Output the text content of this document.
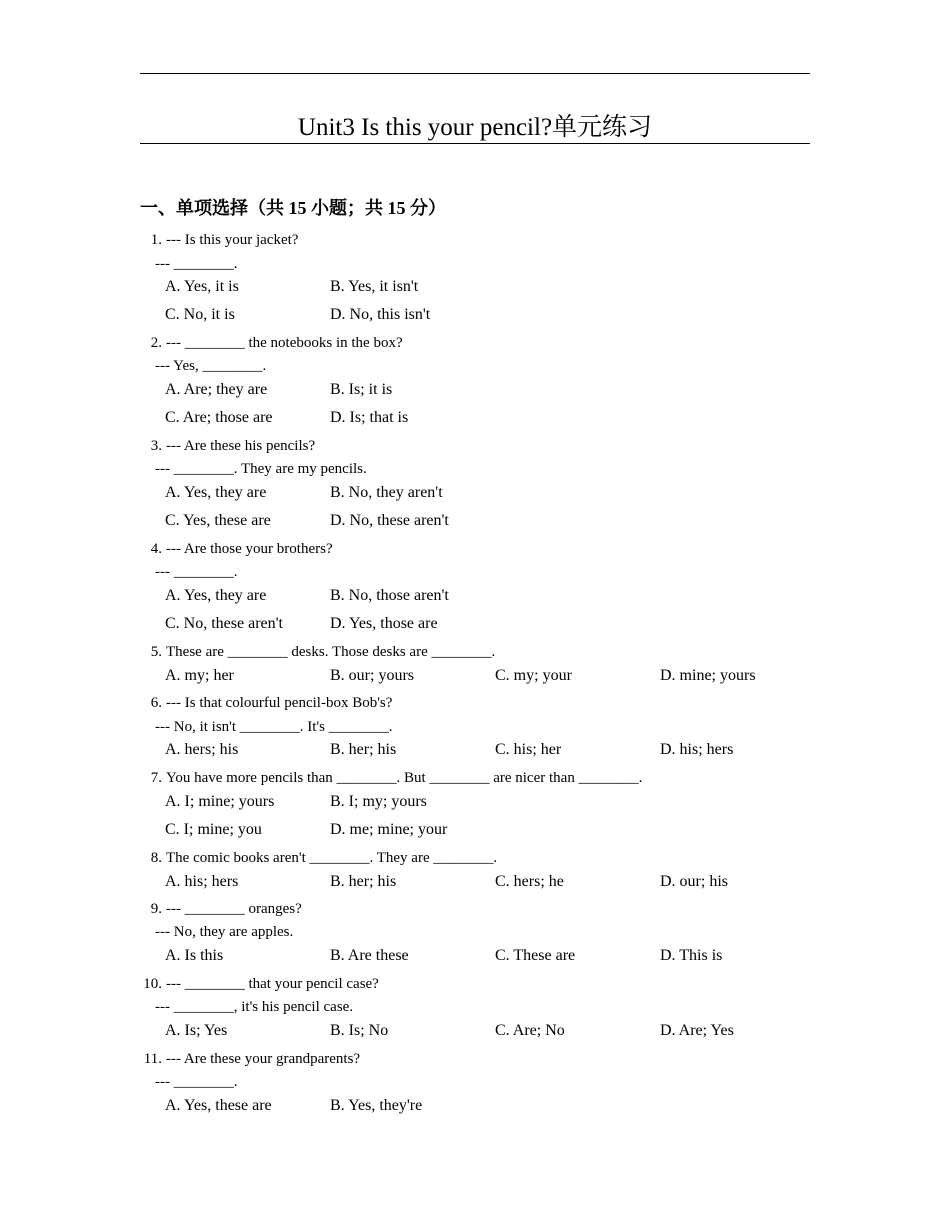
Unit3 Is this your pencil?单元练习
一、单项选择（共 15 小题；共 15 分）
1. --- Is this your jacket?
--- ________.
A. Yes, it is	B. Yes, it isn't
C. No, it is	D. No, this isn't
2. --- ________ the notebooks in the box?
--- Yes, ________.
A. Are; they are	B. Is; it is
C. Are; those are	D. Is; that is
3. --- Are these his pencils?
--- ________. They are my pencils.
A. Yes, they are	B. No, they aren't
C. Yes, these are	D. No, these aren't
4. --- Are those your brothers?
--- ________.
A. Yes, they are	B. No, those aren't
C. No, these aren't	D. Yes, those are
5. These are ________ desks. Those desks are ________.
A. my; her	B. our; yours	C. my; your	D. mine; yours
6. --- Is that colourful pencil-box Bob's?
--- No, it isn't ________. It's ________.
A. hers; his	B. her; his	C. his; her	D. his; hers
7. You have more pencils than ________. But ________ are nicer than ________.
A. I; mine; yours	B. I; my; yours
C. I; mine; you	D. me; mine; your
8. The comic books aren't ________. They are ________.
A. his; hers	B. her; his	C. hers; he	D. our; his
9. --- ________ oranges?
--- No, they are apples.
A. Is this	B. Are these	C. These are	D. This is
10. --- ________ that your pencil case?
--- ________, it's his pencil case.
A. Is; Yes	B. Is; No	C. Are; No	D. Are; Yes
11. --- Are these your grandparents?
--- ________.
A. Yes, these are	B. Yes, they're
